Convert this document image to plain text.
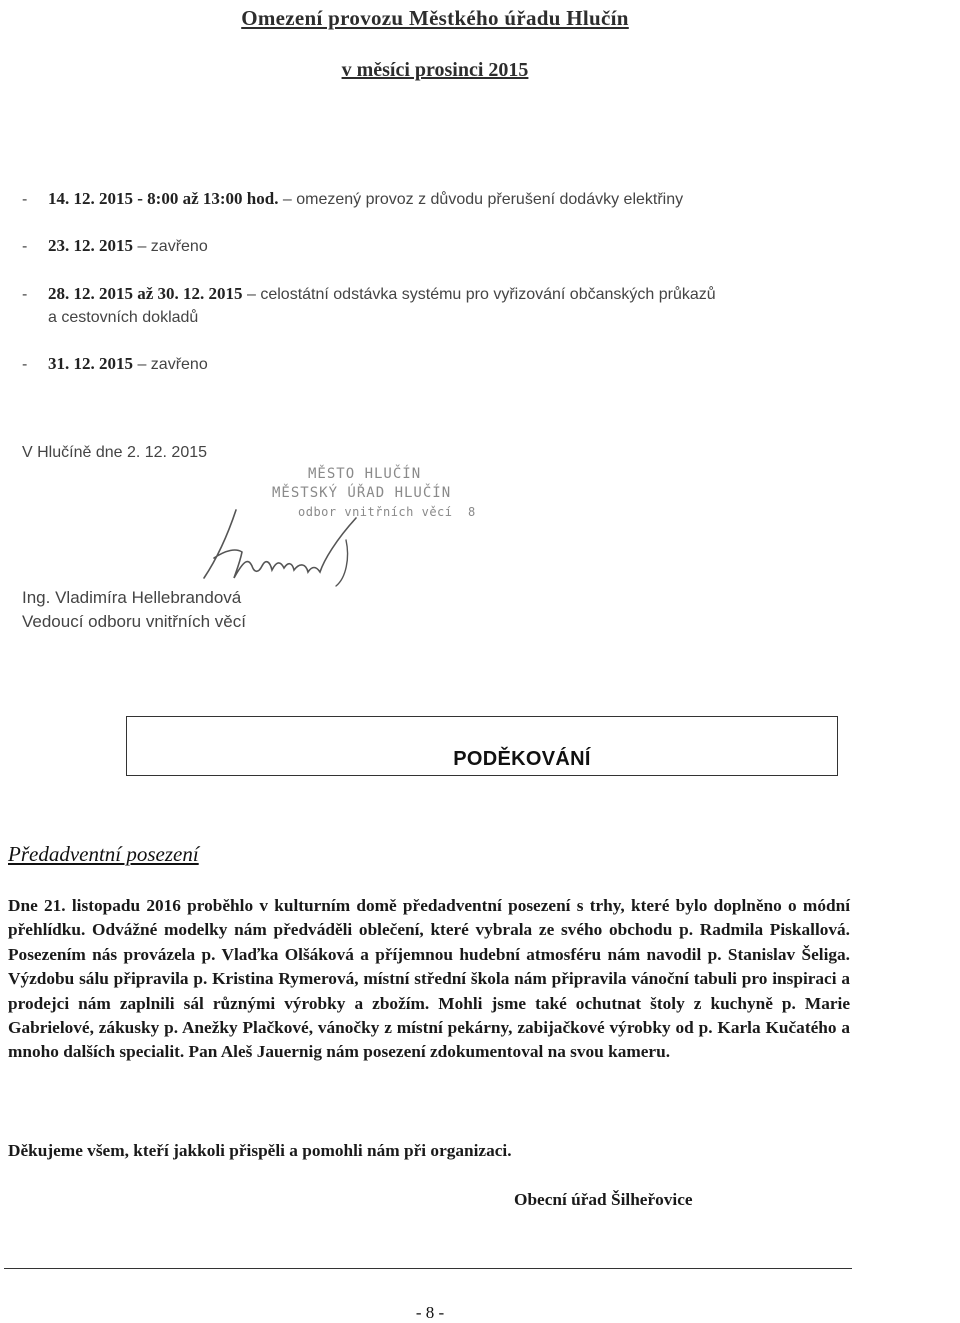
Omezení provozu Městkého úřadu Hlučín
v měsíci prosinci 2015
- 14. 12. 2015 - 8:00 až 13:00 hod. – omezený provoz z důvodu přerušení dodávky elektřiny
- 23. 12. 2015 – zavřeno
- 28. 12. 2015 až 30. 12. 2015 – celostátní odstávka systému pro vyřizování občanských průkazů
a cestovních dokladů
- 31. 12. 2015 – zavřeno
V Hlučíně dne 2. 12. 2015
MĚSTO HLUČÍN
MĚSTSKÝ ÚŘAD HLUČÍN
odbor vnitřních věcí 8
Ing. Vladimíra Hellebrandová
Vedoucí odboru vnitřních věcí
PODĚKOVÁNÍ
Předadventní posezení
Dne 21. listopadu 2016 proběhlo v kulturním domě předadventní posezení s trhy, které bylo doplněno o módní přehlídku. Odvážné modelky nám předváděli oblečení, které vybrala ze svého obchodu p. Radmila Piskallová. Posezením nás provázela p. Vlaďka Olšáková a příjemnou hudební atmosféru nám navodil p. Stanislav Šeliga. Výzdobu sálu připravila p. Kristina Rymerová, místní střední škola nám připravila vánoční tabuli pro inspiraci a prodejci nám zaplnili sál různými výrobky a zbožím. Mohli jsme také ochutnat štoly z kuchyně p. Marie Gabrielové, zákusky p. Anežky Plačkové, vánočky z místní pekárny, zabijačkové výrobky od p. Karla Kučatého a mnoho dalších specialit. Pan Aleš Jauernig nám posezení zdokumentoval na svou kameru.
Děkujeme všem, kteří jakkoli přispěli a pomohli nám při organizaci.
Obecní úřad Šilheřovice
- 8 -
